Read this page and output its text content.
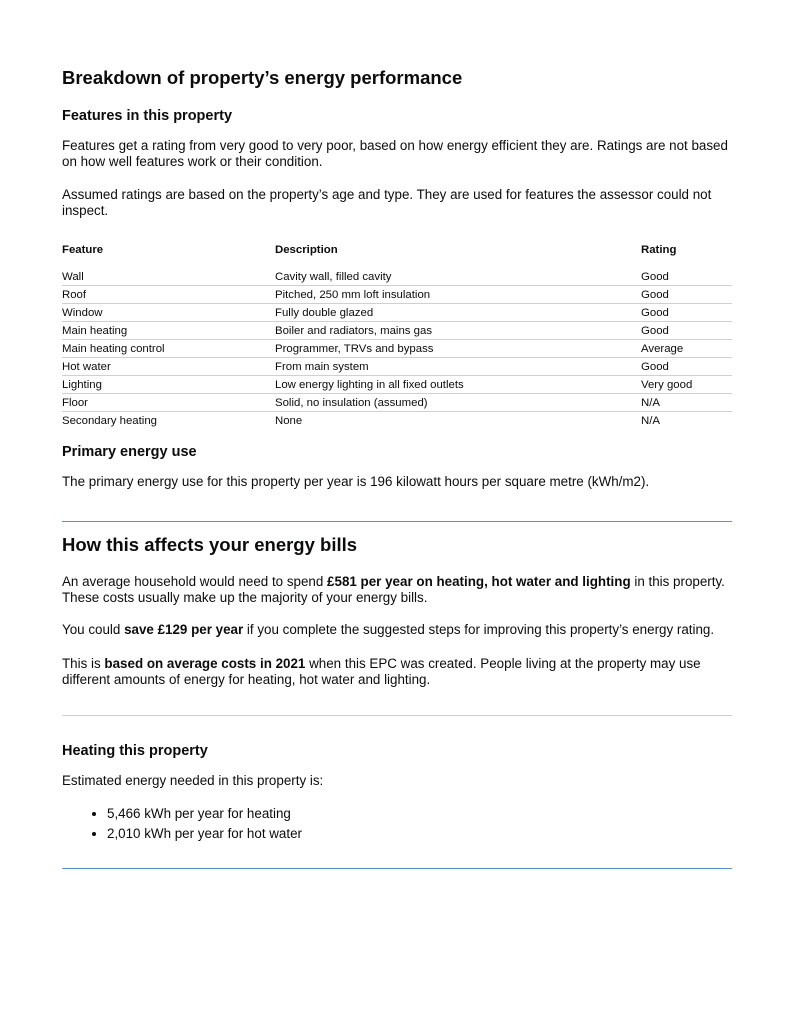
Breakdown of property’s energy performance
Features in this property

Features get a rating from very good to very poor, based on how energy efficient they are. Ratings are not based on how well features work or their condition.

Assumed ratings are based on the property’s age and type. They are used for features the assessor could not inspect.

Feature	Description	Rating
Wall	Cavity wall, filled cavity	Good
Roof	Pitched, 250 mm loft insulation	Good
Window	Fully double glazed	Good
Main heating	Boiler and radiators, mains gas	Good
Main heating control	Programmer, TRVs and bypass	Average
Hot water	From main system	Good
Lighting	Low energy lighting in all fixed outlets	Very good
Floor	Solid, no insulation (assumed)	N/A
Secondary heating	None	N/A
Primary energy use

The primary energy use for this property per year is 196 kilowatt hours per square metre (kWh/m2).

How this affects your energy bills

An average household would need to spend £581 per year on heating, hot water and lighting in this property. These costs usually make up the majority of your energy bills.

You could save £129 per year if you complete the suggested steps for improving this property’s energy rating.

This is based on average costs in 2021 when this EPC was created. People living at the property may use different amounts of energy for heating, hot water and lighting.

Heating this property

Estimated energy needed in this property is:

• 5,466 kWh per year for heating
• 2,010 kWh per year for hot water
